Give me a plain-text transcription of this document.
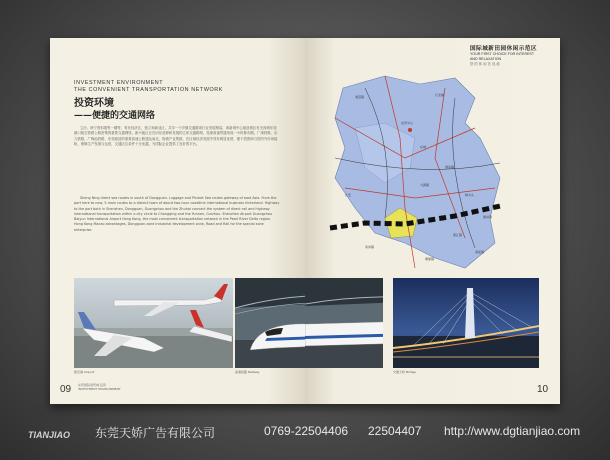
INVESTMENT ENVIRONMENT
THE CONVENIENT TRANSPORTATION NETWORK
投资环境
——便捷的交通网络
立沙、珍宁资料展等一期等，粤东经济区，独立和商业区，共享一个乡镇交通数项行业发展格局，该新城中心枢纽城区有关深圳东莞港口航空铁路公路密集的重要交通网络，新兴地区正在向东延伸和发展的立体交通路网，莞深高速贯通形成一小时都市圈。广深铁路、京九铁路、广梅汕铁路、东莞枢纽的重要高速公路通达南北，物流产业集群，在区域经济发展中具有明显优势，便于投资商与国内外市场接轨，保障生产发展与运营，交通区位条件十分优越，为国际企业提供了良好的平台。
Sheng Ning direct sea routes in south of Dongguan. Luggage and Phuket Sea routes gateway of east Asia. From the port here to now, 5 main routes to a district town of about two-hour coastline international business hinterland. Highway to the port both in Shenzhen, Dongguan, Guangzhou and the Zhuhai connect the system of direct rail and highway international transportation within a city circle to Chongqing and the Yunnan, Guizhou. Shenzhen Airport Guangzhou Baiyun International Airport Hong Kong, the most convenient transportation network in the Pearl River Delta region. Hong Kong Macao advantages, Dongguan zone industrial development zone, Road and Rail for the special zone enterprise.
航空港 Airport	高速铁路 Railway
09 东莞国际商贸城 投资
INVESTMENT ENVIRONMENT
国际城新田园休闲示范区
YOUR FIRST CHOICE FOR INTEREST
AND RELAXATION
您的休闲首选地
交通大桥 Bridge
道滘镇	石龙镇
东莞中心
东城
寮步镇
长安	樟木头
大朗镇
黄江镇
清溪镇
凤岗镇
塘厦镇
谢岗镇
10
TIANJIAO 东莞天娇广告有限公司	0769-22504406 22504407 http://www.dgtianjiao.com
